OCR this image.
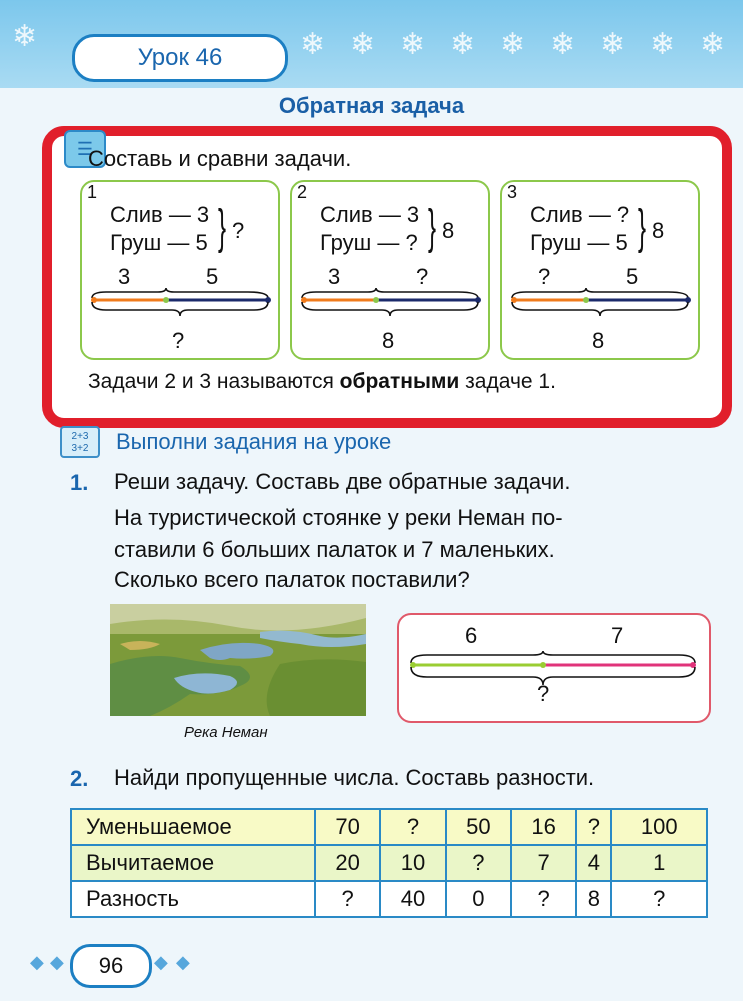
❄	❄ ❄ ❄ ❄ ❄ ❄ ❄ ❄ ❄
Урок 46
Обратная задача
☰
Составь и сравни задачи.
1
Слив — 3
Груш — 5 } ?
3	5
?
2
Слив — 3
Груш — ? } 8
3	?
8
3
Слив — ?
Груш — 5 } 8
?	5
8
Задачи 2 и 3 называются обратными задаче 1.
2+3
3+2	Выполни задания на уроке
1. Реши задачу. Составь две обратные задачи.
На туристической стоянке у реки Неман по-
ставили 6 больших палаток и 7 маленьких.
Сколько всего палаток поставили?
Река Неман
6	7
?
2. Найди пропущенные числа. Составь разности.
Уменьшаемое	70	?	50	16	?	100
Вычитаемое	20	10	?	7	4	1
Разность	?	40	0	?	8	?
◆ ◆	◆ ◆
96
